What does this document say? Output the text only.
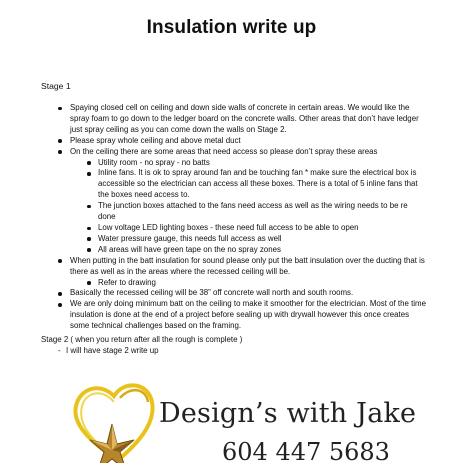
Insulation write up
Stage 1
Spaying closed cell on ceiling and down side walls of concrete in certain areas. We would like the spray foam to go down to the ledger board on the concrete walls. Other areas that don’t have ledger just spray ceiling as you can come down the walls on Stage 2.
Please spray whole ceiling and above metal duct
On the ceiling there are some areas that need access so please don’t spray these areas
Utility room - no spray - no batts
Inline fans. It is ok to spray around fan and be touching fan * make sure the electrical box is accessible so the electrician can access all these boxes. There is a total of 5 inline fans that the boxes need access to.
The junction boxes attached to the fans need access as well as the wiring needs to be re done
Low voltage LED lighting boxes - these need full access to be able to open
Water pressure gauge, this needs full access as well
All areas will have green tape on the no spray zones
When putting in the batt insulation for sound please only put the batt insulation over the ducting that is there as well as in the areas where the recessed ceiling will be.
Refer to drawing
Basically the recessed ceiling will be 38” off concrete wall north and south rooms.
We are only doing minimum batt on the ceiling to make it smoother for the electrician. Most of the time insulation is done at the end of a project before sealing up with drywall however this once creates some technical challenges based on the framing.
Stage 2 ( when you return after all the rough is complete )
- I will have stage 2 write up
Design’s with Jake
604 447 5683
